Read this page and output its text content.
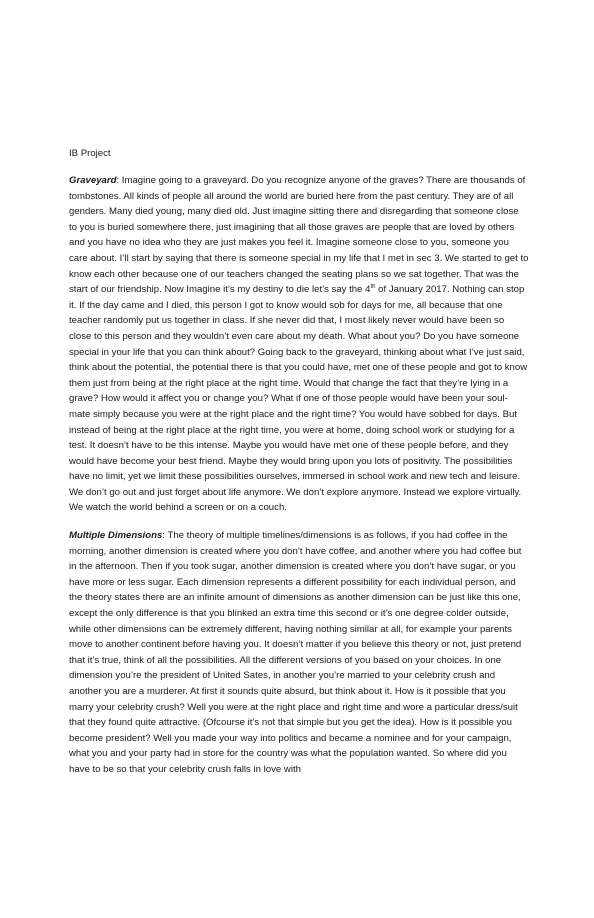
IB Project

Graveyard: Imagine going to a graveyard. Do you recognize anyone of the graves? There are thousands of tombstones. All kinds of people all around the world are buried here from the past century. They are of all genders. Many died young, many died old. Just imagine sitting there and disregarding that someone close to you is buried somewhere there, just imagining that all those graves are people that are loved by others and you have no idea who they are just makes you feel it. Imagine someone close to you, someone you care about. I’ll start by saying that there is someone special in my life that I met in sec 3. We started to get to know each other because one of our teachers changed the seating plans so we sat together. That was the start of our friendship. Now Imagine it’s my destiny to die let’s say the 4th of January 2017. Nothing can stop it. If the day came and I died, this person I got to know would sob for days for me, all because that one teacher randomly put us together in class. If she never did that, I most likely never would have been so close to this person and they wouldn’t even care about my death. What about you? Do you have someone special in your life that you can think about? Going back to the graveyard, thinking about what I’ve just said, think about the potential, the potential there is that you could have, met one of these people and got to know them just from being at the right place at the right time. Would that change the fact that they’re lying in a grave? How would it affect you or change you? What if one of those people would have been your soul-mate simply because you were at the right place and the right time? You would have sobbed for days. But instead of being at the right place at the right time, you were at home, doing school work or studying for a test. It doesn’t have to be this intense. Maybe you would have met one of these people before, and they would have become your best friend. Maybe they would bring upon you lots of positivity. The possibilities have no limit, yet we limit these possibilities ourselves, immersed in school work and new tech and leisure. We don’t go out and just forget about life anymore. We don’t explore anymore. Instead we explore virtually. We watch the world behind a screen or on a couch.

Multiple Dimensions: The theory of multiple timelines/dimensions is as follows, if you had coffee in the morning, another dimension is created where you don’t have coffee, and another where you had coffee but in the afternoon. Then if you took sugar, another dimension is created where you don’t have sugar, or you have more or less sugar. Each dimension represents a different possibility for each individual person, and the theory states there are an infinite amount of dimensions as another dimension can be just like this one, except the only difference is that you blinked an extra time this second or it’s one degree colder outside, while other dimensions can be extremely different, having nothing similar at all, for example your parents move to another continent before having you. It doesn’t matter if you believe this theory or not, just pretend that it’s true, think of all the possibilities. All the different versions of you based on your choices. In one dimension you’re the president of United Sates, in another you’re married to your celebrity crush and another you are a murderer. At first it sounds quite absurd, but think about it. How is it possible that you marry your celebrity crush? Well you were at the right place and right time and wore a particular dress/suit that they found quite attractive. (Ofcourse it’s not that simple but you get the idea). How is it possible you become president? Well you made your way into politics and became a nominee and for your campaign, what you and your party had in store for the country was what the population wanted. So where did you have to be so that your celebrity crush falls in love with
